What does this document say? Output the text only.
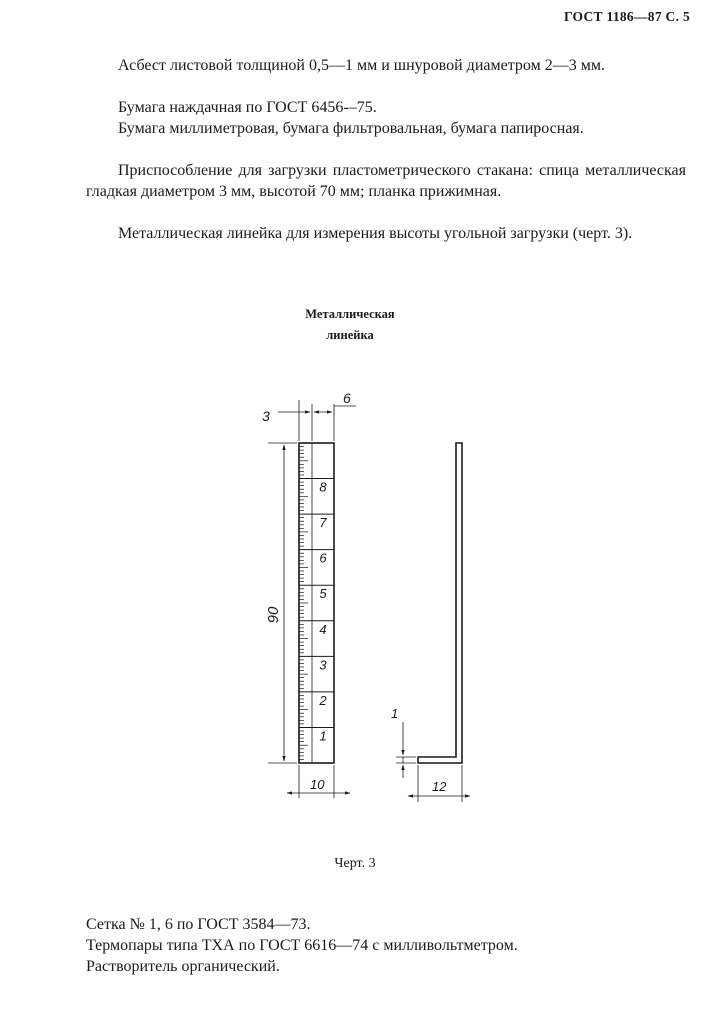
ГОСТ 1186—87 С. 5
Асбест листовой толщиной 0,5—1 мм и шнуровой диаметром 2—3 мм.
Бумага наждачная по ГОСТ 6456-–75.
Бумага миллиметровая, бумага фильтровальная, бумага папиросная.
Приспособление для загрузки пластометрического стакана: спица металлическая гладкая диаметром 3 мм, высотой 70 мм; планка прижимная.
Металлическая линейка для измерения высоты угольной загрузки (черт. 3).
Металлическая
линейка
1
2
3
4
5
6
7
8
90
3
6
10
1
12
Черт. 3
Сетка № 1, 6 по ГОСТ 3584—73.
Термопары типа ТХА по ГОСТ 6616—74 с милливольтметром.
Растворитель органический.
